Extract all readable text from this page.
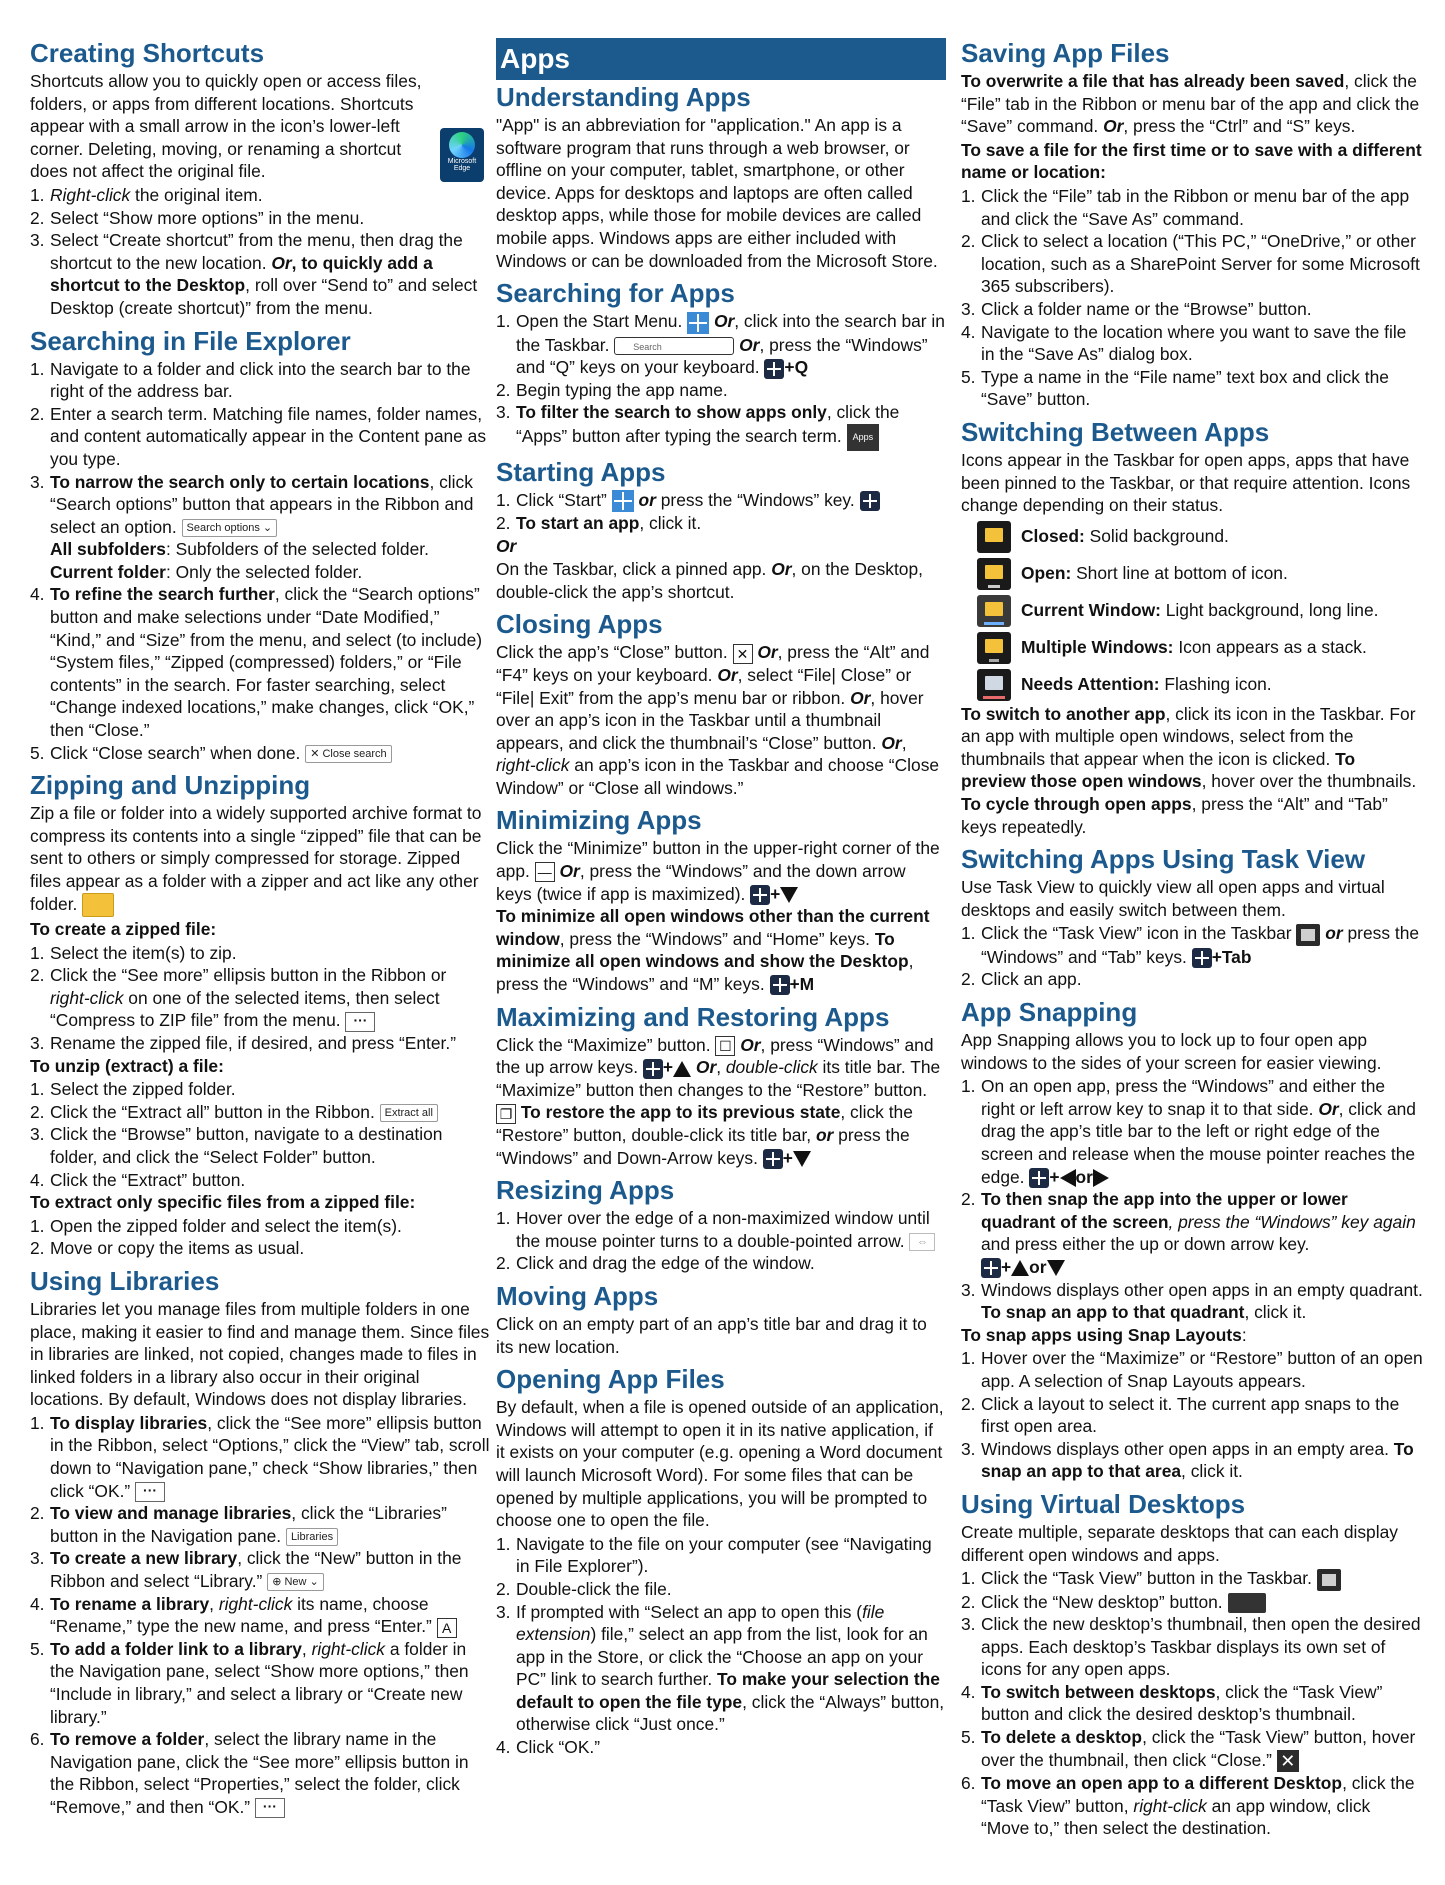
Microsoft Edge
Creating Shortcuts

Shortcuts allow you to quickly open or access files, folders, or apps from different locations. Shortcuts appear with a small arrow in the icon’s lower-left corner. Deleting, moving, or renaming a shortcut does not affect the original file.

1. Right-click the original item.
2. Select “Show more options” in the menu.
3. Select “Create shortcut” from the menu, then drag the shortcut to the new location. Or, to quickly add a shortcut to the Desktop, roll over “Send to” and select Desktop (create shortcut)” from the menu.
Searching in File Explorer
1. Navigate to a folder and click into the search bar to the right of the address bar.
2. Enter a search term. Matching file names, folder names, and content automatically appear in the Content pane as you type.
3. To narrow the search only to certain locations, click “Search options” button that appears in the Ribbon and select an option. Search options ⌄
All subfolders: Subfolders of the selected folder.
Current folder: Only the selected folder.
4. To refine the search further, click the “Search options” button and make selections under “Date Modified,” “Kind,” and “Size” from the menu, and select (to include) “System files,” “Zipped (compressed) folders,” or “File contents” in the search. For faster searching, select “Change indexed locations,” make changes, click “OK,” then “Close.”
5. Click “Close search” when done. ✕ Close search
Zipping and Unzipping

Zip a file or folder into a widely supported archive format to compress its contents into a single “zipped” file that can be sent to others or simply compressed for storage. Zipped files appear as a folder with a zipper and act like any other folder.

To create a zipped file:

1. Select the item(s) to zip.
2. Click the “See more” ellipsis button in the Ribbon or right-click on one of the selected items, then select “Compress to ZIP file” from the menu. ···
3. Rename the zipped file, if desired, and press “Enter.”

To unzip (extract) a file:

1. Select the zipped folder.
2. Click the “Extract all” button in the Ribbon. Extract all
3. Click the “Browse” button, navigate to a destination folder, and click the “Select Folder” button.
4. Click the “Extract” button.

To extract only specific files from a zipped file:

1. Open the zipped folder and select the item(s).
2. Move or copy the items as usual.
Using Libraries

Libraries let you manage files from multiple folders in one place, making it easier to find and manage them. Since files in libraries are linked, not copied, changes made to files in linked folders in a library also occur in their original locations. By default, Windows does not display libraries.

1. To display libraries, click the “See more” ellipsis button in the Ribbon, select “Options,” click the “View” tab, scroll down to “Navigation pane,” check “Show libraries,” then click “OK.” ···
2. To view and manage libraries, click the “Libraries” button in the Navigation pane. Libraries
3. To create a new library, click the “New” button in the Ribbon and select “Library.” ⊕ New ⌄
4. To rename a library, right-click its name, choose “Rename,” type the new name, and press “Enter.” A
5. To add a folder link to a library, right-click a folder in the Navigation pane, select “Show more options,” then “Include in library,” and select a library or “Create new library.”
6. To remove a folder, select the library name in the Navigation pane, click the “See more” ellipsis button in the Ribbon, select “Properties,” select the folder, click “Remove,” and then “OK.” ···
Apps
Understanding Apps

"App" is an abbreviation for "application." An app is a software program that runs through a web browser, or offline on your computer, tablet, smartphone, or other device. Apps for desktops and laptops are often called desktop apps, while those for mobile devices are called mobile apps. Windows apps are either included with Windows or can be downloaded from the Microsoft Store.

Searching for Apps
1. Open the Start Menu.  Or, click into the search bar in the Taskbar. Search	Or, press the “Windows” and “Q” keys on your keyboard. +Q
2. Begin typing the app name.
3. To filter the search to show apps only, click the “Apps” button after typing the search term. Apps
Starting Apps
1. Click “Start”  or press the “Windows” key.
2. To start an app, click it.

Or

On the Taskbar, click a pinned app. Or, on the Desktop, double-click the app’s shortcut.

Closing Apps

Click the app’s “Close” button. ✕ Or, press the “Alt” and “F4” keys on your keyboard. Or, select “File| Close” or “File| Exit” from the app’s menu bar or ribbon. Or, hover over an app’s icon in the Taskbar until a thumbnail appears, and click the thumbnail’s “Close” button. Or, right-click an app’s icon in the Taskbar and choose “Close Window” or “Close all windows.”

Minimizing Apps

Click the “Minimize” button in the upper-right corner of the app. — Or, press the “Windows” and the down arrow keys (twice if app is maximized). +
To minimize all open windows other than the current window, press the “Windows” and “Home” keys. To minimize all open windows and show the Desktop, press the “Windows” and “M” keys. +M

Maximizing and Restoring Apps

Click the “Maximize” button. ☐ Or, press “Windows” and the up arrow keys. + Or, double-click its title bar. The “Maximize” button then changes to the “Restore” button. ❐ To restore the app to its previous state, click the “Restore” button, double-click its title bar, or press the “Windows” and Down-Arrow keys. +

Resizing Apps
1. Hover over the edge of a non-maximized window until the mouse pointer turns to a double-pointed arrow. ⇔
2. Click and drag the edge of the window.
Moving Apps

Click on an empty part of an app’s title bar and drag it to its new location.

Opening App Files

By default, when a file is opened outside of an application, Windows will attempt to open it in its native application, if it exists on your computer (e.g. opening a Word document will launch Microsoft Word). For some files that can be opened by multiple applications, you will be prompted to choose one to open the file.

1. Navigate to the file on your computer (see “Navigating in File Explorer”).
2. Double-click the file.
3. If prompted with “Select an app to open this (file extension) file,” select an app from the list, look for an app in the Store, or click the “Choose an app on your PC” link to search further. To make your selection the default to open the file type, click the “Always” button, otherwise click “Just once.”
4. Click “OK.”
Saving App Files

To overwrite a file that has already been saved, click the “File” tab in the Ribbon or menu bar of the app and click the “Save” command. Or, press the “Ctrl” and “S” keys.

To save a file for the first time or to save with a different name or location:

1. Click the “File” tab in the Ribbon or menu bar of the app and click the “Save As” command.
2. Click to select a location (“This PC,” “OneDrive,” or other location, such as a SharePoint Server for some Microsoft 365 subscribers).
3. Click a folder name or the “Browse” button.
4. Navigate to the location where you want to save the file in the “Save As” dialog box.
5. Type a name in the “File name” text box and click the “Save” button.
Switching Between Apps

Icons appear in the Taskbar for open apps, apps that have been pinned to the Taskbar, or that require attention. Icons change depending on their status.

Closed: Solid background.
Open: Short line at bottom of icon.
Current Window: Light background, long line.
Multiple Windows: Icon appears as a stack.
Needs Attention: Flashing icon.

To switch to another app, click its icon in the Taskbar. For an app with multiple open windows, select from the thumbnails that appear when the icon is clicked. To preview those open windows, hover over the thumbnails. To cycle through open apps, press the “Alt” and “Tab” keys repeatedly.

Switching Apps Using Task View

Use Task View to quickly view all open apps and virtual desktops and easily switch between them.

1. Click the “Task View” icon in the Taskbar  or press the “Windows” and “Tab” keys. +Tab
2. Click an app.
App Snapping

App Snapping allows you to lock up to four open app windows to the sides of your screen for easier viewing.

1. On an open app, press the “Windows” and either the right or left arrow key to snap it to that side. Or, click and drag the app’s title bar to the left or right edge of the screen and release when the mouse pointer reaches the edge. + or
2. To then snap the app into the upper or lower quadrant of the screen, press the “Windows” key again and press either the up or down arrow key.
+ or
3. Windows displays other open apps in an empty quadrant. To snap an app to that quadrant, click it.

To snap apps using Snap Layouts:

1. Hover over the “Maximize” or “Restore” button of an open app. A selection of Snap Layouts appears.
2. Click a layout to select it. The current app snaps to the first open area.
3. Windows displays other open apps in an empty area. To snap an app to that area, click it.
Using Virtual Desktops

Create multiple, separate desktops that can each display different open windows and apps.

1. Click the “Task View” button in the Taskbar.
2. Click the “New desktop” button.
3. Click the new desktop’s thumbnail, then open the desired apps. Each desktop’s Taskbar displays its own set of icons for any open apps.
4. To switch between desktops, click the “Task View” button and click the desired desktop’s thumbnail.
5. To delete a desktop, click the “Task View” button, hover over the thumbnail, then click “Close.” ✕
6. To move an open app to a different Desktop, click the “Task View” button, right-click an app window, click “Move to,” then select the destination.
